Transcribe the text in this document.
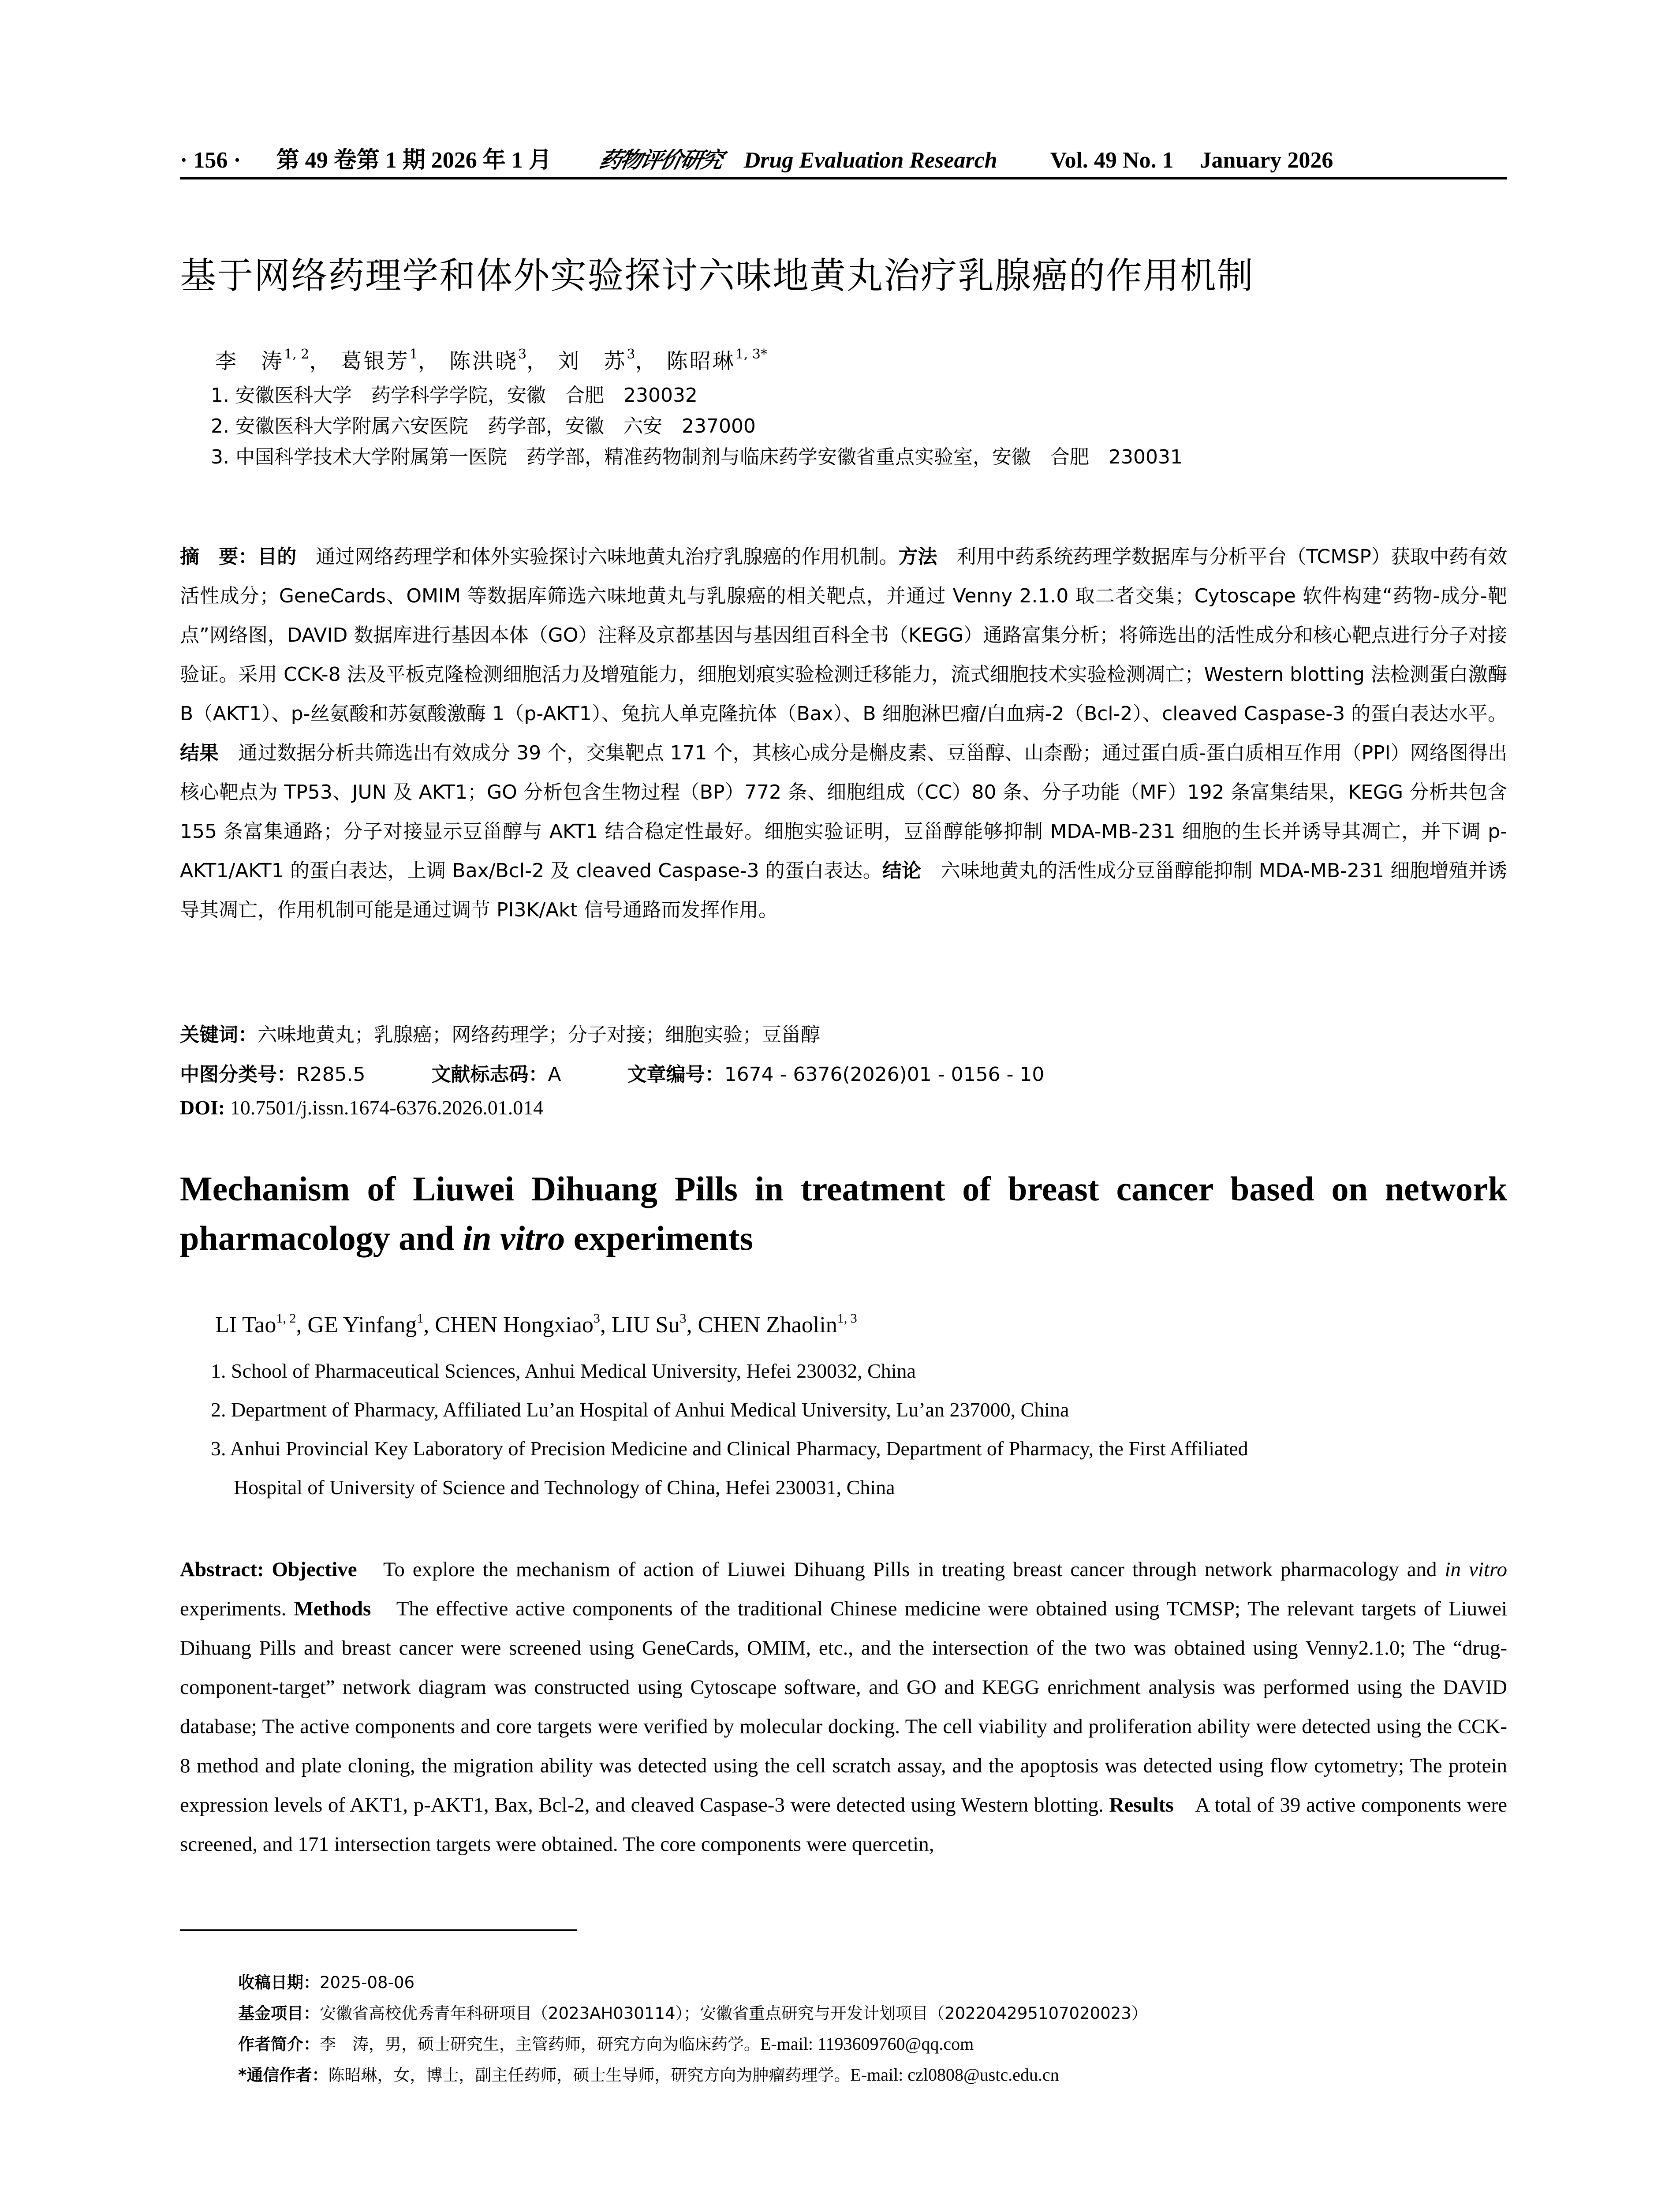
· 156 · 第 49 卷第 1 期 2026 年 1 月 药物评价研究 Drug Evaluation Research Vol. 49 No. 1 January 2026
基于网络药理学和体外实验探讨六味地黄丸治疗乳腺癌的作用机制
李　涛$^{1, 2}$， 葛银芳$^1$， 陈洪晓$^3$， 刘　苏$^3$， 陈昭琳$^{1, 3*}$
1. 安徽医科大学　药学科学学院，安徽　合肥　230032
2. 安徽医科大学附属六安医院　药学部，安徽　六安　237000
3. 中国科学技术大学附属第一医院　药学部，精准药物制剂与临床药学安徽省重点实验室，安徽　合肥　230031
摘　要：目的　通过网络药理学和体外实验探讨六味地黄丸治疗乳腺癌的作用机制。方法　利用中药系统药理学数据库与分析平台（TCMSP）获取中药有效活性成分；GeneCards、OMIM 等数据库筛选六味地黄丸与乳腺癌的相关靶点，并通过 Venny 2.1.0 取二者交集；Cytoscape 软件构建“药物-成分-靶点”网络图，DAVID 数据库进行基因本体（GO）注释及京都基因与基因组百科全书（KEGG）通路富集分析；将筛选出的活性成分和核心靶点进行分子对接验证。采用 CCK-8 法及平板克隆检测细胞活力及增殖能力，细胞划痕实验检测迁移能力，流式细胞技术实验检测凋亡；Western blotting 法检测蛋白激酶 B（AKT1）、p-丝氨酸和苏氨酸激酶 1（p-AKT1）、兔抗人单克隆抗体（Bax）、B 细胞淋巴瘤/白血病-2（Bcl-2）、cleaved Caspase-3 的蛋白表达水平。结果　通过数据分析共筛选出有效成分 39 个，交集靶点 171 个，其核心成分是槲皮素、豆甾醇、山柰酚；通过蛋白质-蛋白质相互作用（PPI）网络图得出核心靶点为 TP53、JUN 及 AKT1；GO 分析包含生物过程（BP）772 条、细胞组成（CC）80 条、分子功能（MF）192 条富集结果，KEGG 分析共包含 155 条富集通路；分子对接显示豆甾醇与 AKT1 结合稳定性最好。细胞实验证明，豆甾醇能够抑制 MDA-MB-231 细胞的生长并诱导其凋亡，并下调 p-AKT1/AKT1 的蛋白表达，上调 Bax/Bcl-2 及 cleaved Caspase-3 的蛋白表达。结论　六味地黄丸的活性成分豆甾醇能抑制 MDA-MB-231 细胞增殖并诱导其凋亡，作用机制可能是通过调节 PI3K/Akt 信号通路而发挥作用。
关键词：六味地黄丸；乳腺癌；网络药理学；分子对接；细胞实验；豆甾醇
中图分类号：R285.5	文献标志码：A	文章编号：1674 - 6376(2026)01 - 0156 - 10
DOI: 10.7501/j.issn.1674-6376.2026.01.014
Mechanism of Liuwei Dihuang Pills in treatment of breast cancer based on network pharmacology and in vitro experiments
LI Tao$^{1, 2}$, GE Yinfang$^1$, CHEN Hongxiao$^3$, LIU Su$^3$, CHEN Zhaolin$^{1, 3}$
1. School of Pharmaceutical Sciences, Anhui Medical University, Hefei 230032, China
2. Department of Pharmacy, Affiliated Lu’an Hospital of Anhui Medical University, Lu’an 237000, China
3. Anhui Provincial Key Laboratory of Precision Medicine and Clinical Pharmacy, Department of Pharmacy, the First Affiliated
Hospital of University of Science and Technology of China, Hefei 230031, China
Abstract: Objective　To explore the mechanism of action of Liuwei Dihuang Pills in treating breast cancer through network pharmacology and in vitro experiments. Methods　The effective active components of the traditional Chinese medicine were obtained using TCMSP; The relevant targets of Liuwei Dihuang Pills and breast cancer were screened using GeneCards, OMIM, etc., and the intersection of the two was obtained using Venny2.1.0; The “drug-component-target” network diagram was constructed using Cytoscape software, and GO and KEGG enrichment analysis was performed using the DAVID database; The active components and core targets were verified by molecular docking. The cell viability and proliferation ability were detected using the CCK-8 method and plate cloning, the migration ability was detected using the cell scratch assay, and the apoptosis was detected using flow cytometry; The protein expression levels of AKT1, p-AKT1, Bax, Bcl-2, and cleaved Caspase-3 were detected using Western blotting. Results　A total of 39 active components were screened, and 171 intersection targets were obtained. The core components were quercetin,
收稿日期：2025-08-06
基金项目：安徽省高校优秀青年科研项目（2023AH030114）；安徽省重点研究与开发计划项目（202204295107020023）
作者简介：李　涛，男，硕士研究生，主管药师，研究方向为临床药学。E-mail: 1193609760@qq.com
*通信作者：陈昭琳，女，博士，副主任药师，硕士生导师，研究方向为肿瘤药理学。E-mail: czl0808@ustc.edu.cn
